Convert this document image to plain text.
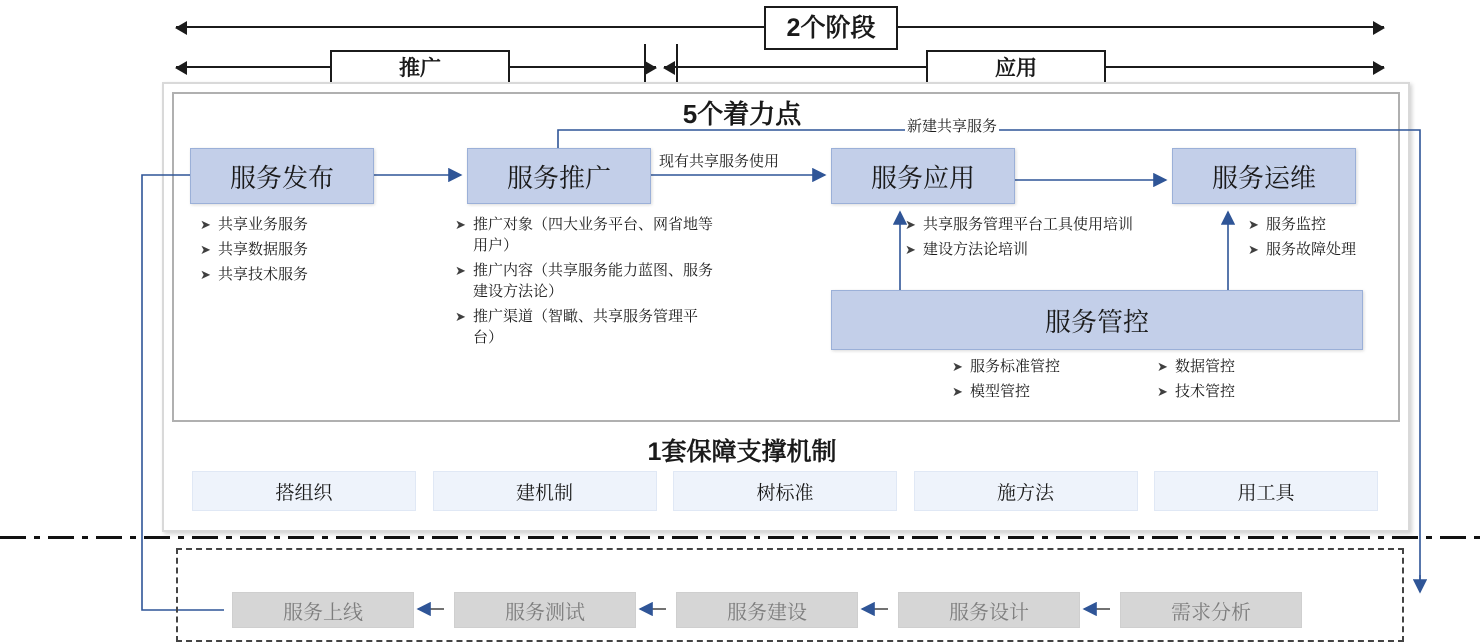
2个阶段
推广	应用
5个着力点
服务发布	服务推广	服务应用	服务运维
现有共享服务使用
新建共享服务
➤ 共享业务服务
➤ 共享数据服务
➤ 共享技术服务
➤ 推广对象（四大业务平台、网省地等用户）
➤ 推广内容（共享服务能力蓝图、服务建设方法论）
➤ 推广渠道（智瞰、共享服务管理平台）
➤ 共享服务管理平台工具使用培训
➤ 建设方法论培训
➤ 服务监控
➤ 服务故障处理
服务管控
➤ 服务标准管控
➤ 模型管控
➤ 数据管控
➤ 技术管控
1套保障支撑机制
搭组织	建机制	树标准	施方法	用工具
服务上线	服务测试	服务建设	服务设计	需求分析
